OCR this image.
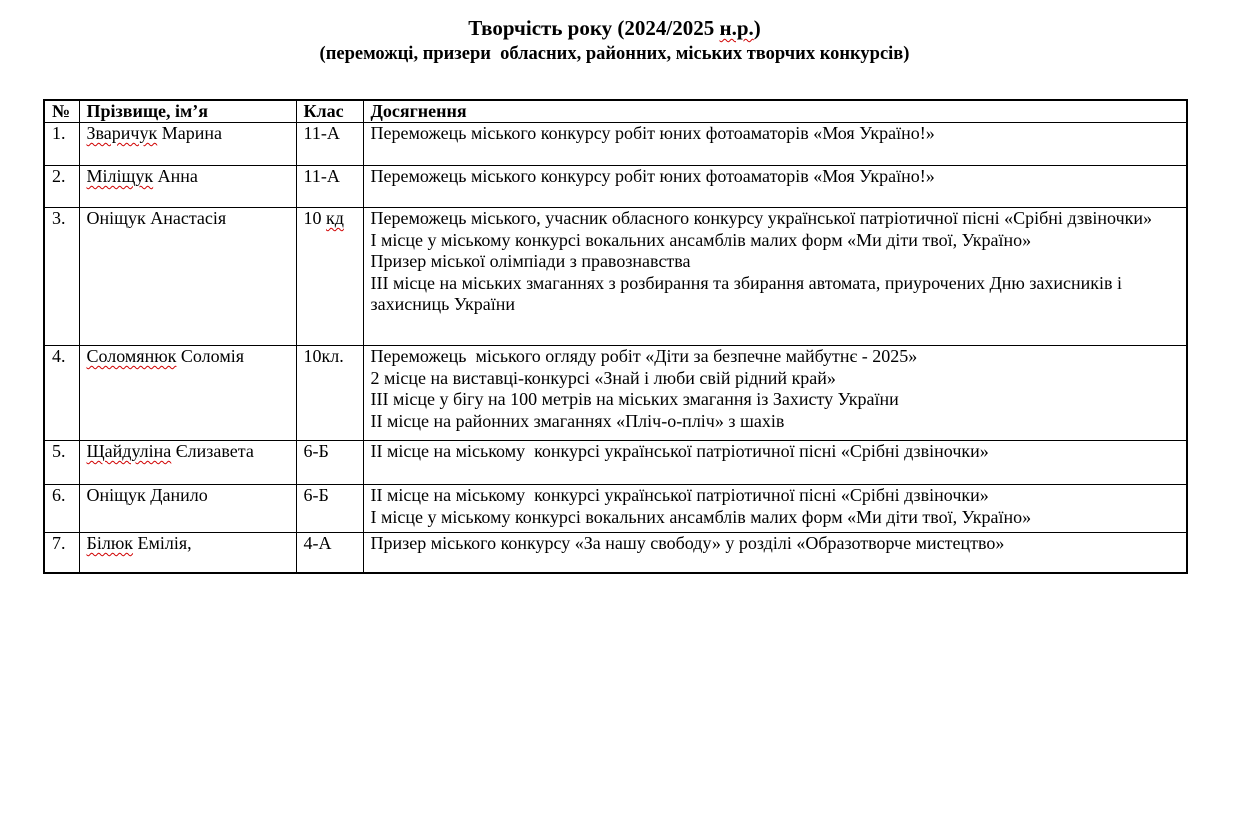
Творчість року (2024/2025 н.р.)
(переможці, призери  обласних, районних, міських творчих конкурсів)
№	Прізвище, ім’я	Клас	Досягнення
1.	Зваричук Марина	11-А	Переможець міського конкурсу робіт юних фотоаматорів «Моя Україно!»

2.	Міліщук Анна	11-А	Переможець міського конкурсу робіт юних фотоаматорів «Моя Україно!»

3.	Оніщук Анастасія	10 кд	Переможець міського, учасник обласного конкурсу української патріотичної пісні «Срібні дзвіночки»
І місце у міському конкурсі вокальних ансамблів малих форм «Ми діти твої, Україно»
Призер міської олімпіади з правознавства
ІІІ місце на міських змаганнях з розбирання та збирання автомата, приурочених Дню захисників і захисниць України

4.	Соломянюк Соломія	10кл.	Переможець  міського огляду робіт «Діти за безпечне майбутнє - 2025»
2 місце на виставці-конкурсі «Знай і люби свій рідний край»
ІІІ місце у бігу на 100 метрів на міських змагання із Захисту України
ІІ місце на районних змаганнях «Пліч-о-пліч» з шахів

5.	Щайдуліна Єлизавета	6-Б	ІІ місце на міському  конкурсі української патріотичної пісні «Срібні дзвіночки»

6.	Оніщук Данило	6-Б	ІІ місце на міському  конкурсі української патріотичної пісні «Срібні дзвіночки»
І місце у міському конкурсі вокальних ансамблів малих форм «Ми діти твої, Україно»

7.	Білюк Емілія,	4-А	Призер міського конкурсу «За нашу свободу» у розділі «Образотворче мистецтво»
